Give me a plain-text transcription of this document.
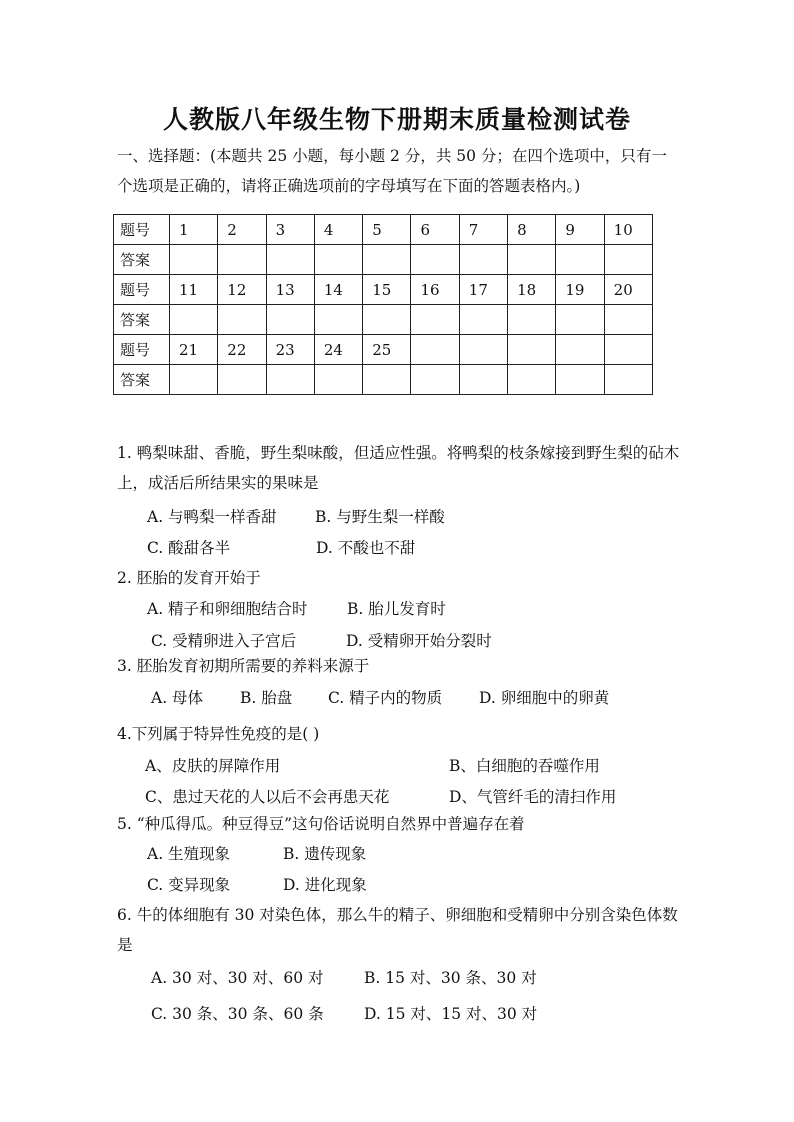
人教版八年级生物下册期末质量检测试卷
一、选择题：(本题共 25 小题，每小题 2 分，共 50 分；在四个选项中，只有一个选项是正确的，请将正确选项前的字母填写在下面的答题表格内。)
题号	1	2	3	4	5	6	7	8	9	10
答案										
题号	11	12	13	14	15	16	17	18	19	20
答案										
题号	21	22	23	24	25					
答案										
1. 鸭梨味甜、香脆，野生梨味酸，但适应性强。将鸭梨的枝条嫁接到野生梨的砧木上，成活后所结果实的果味是
A. 与鸭梨一样香甜 B. 与野生梨一样酸
C. 酸甜各半	D. 不酸也不甜
2. 胚胎的发育开始于
A. 精子和卵细胞结合时	B. 胎儿发育时
C. 受精卵进入子宫后	D. 受精卵开始分裂时
3. 胚胎发育初期所需要的养料来源于
A. 母体 B. 胎盘 C. 精子内的物质 D. 卵细胞中的卵黄
4.下列属于特异性免疫的是( )
A、皮肤的屏障作用	B、白细胞的吞噬作用
C、患过天花的人以后不会再患天花	D、气管纤毛的清扫作用
5. “种瓜得瓜。种豆得豆”这句俗话说明自然界中普遍存在着
A. 生殖现象	B. 遗传现象
C. 变异现象	D. 进化现象
6. 牛的体细胞有 30 对染色体，那么牛的精子、卵细胞和受精卵中分别含染色体数是
A. 30 对、30 对、60 对	B. 15 对、30 条、30 对
C. 30 条、30 条、60 条	D. 15 对、15 对、30 对
